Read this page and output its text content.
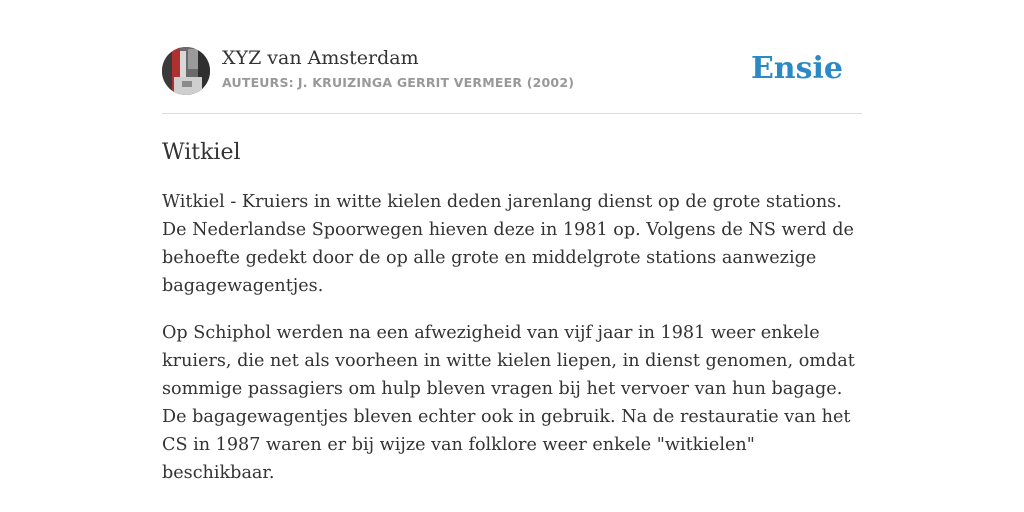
XYZ van Amsterdam
AUTEURS: J. KRUIZINGA GERRIT VERMEER (2002)	Ensie
Witkiel

Witkiel - Kruiers in witte kielen deden jarenlang dienst op de grote stations. De Nederlandse Spoorwegen hieven deze in 1981 op. Volgens de NS werd de behoefte gedekt door de op alle grote en middelgrote stations aanwezige bagagewagentjes.

Op Schiphol werden na een afwezigheid van vijf jaar in 1981 weer enkele kruiers, die net als voorheen in witte kielen liepen, in dienst genomen, omdat sommige passagiers om hulp bleven vragen bij het vervoer van hun bagage. De bagagewagentjes bleven echter ook in gebruik. Na de restauratie van het CS in 1987 waren er bij wijze van folklore weer enkele "witkielen" beschikbaar.
